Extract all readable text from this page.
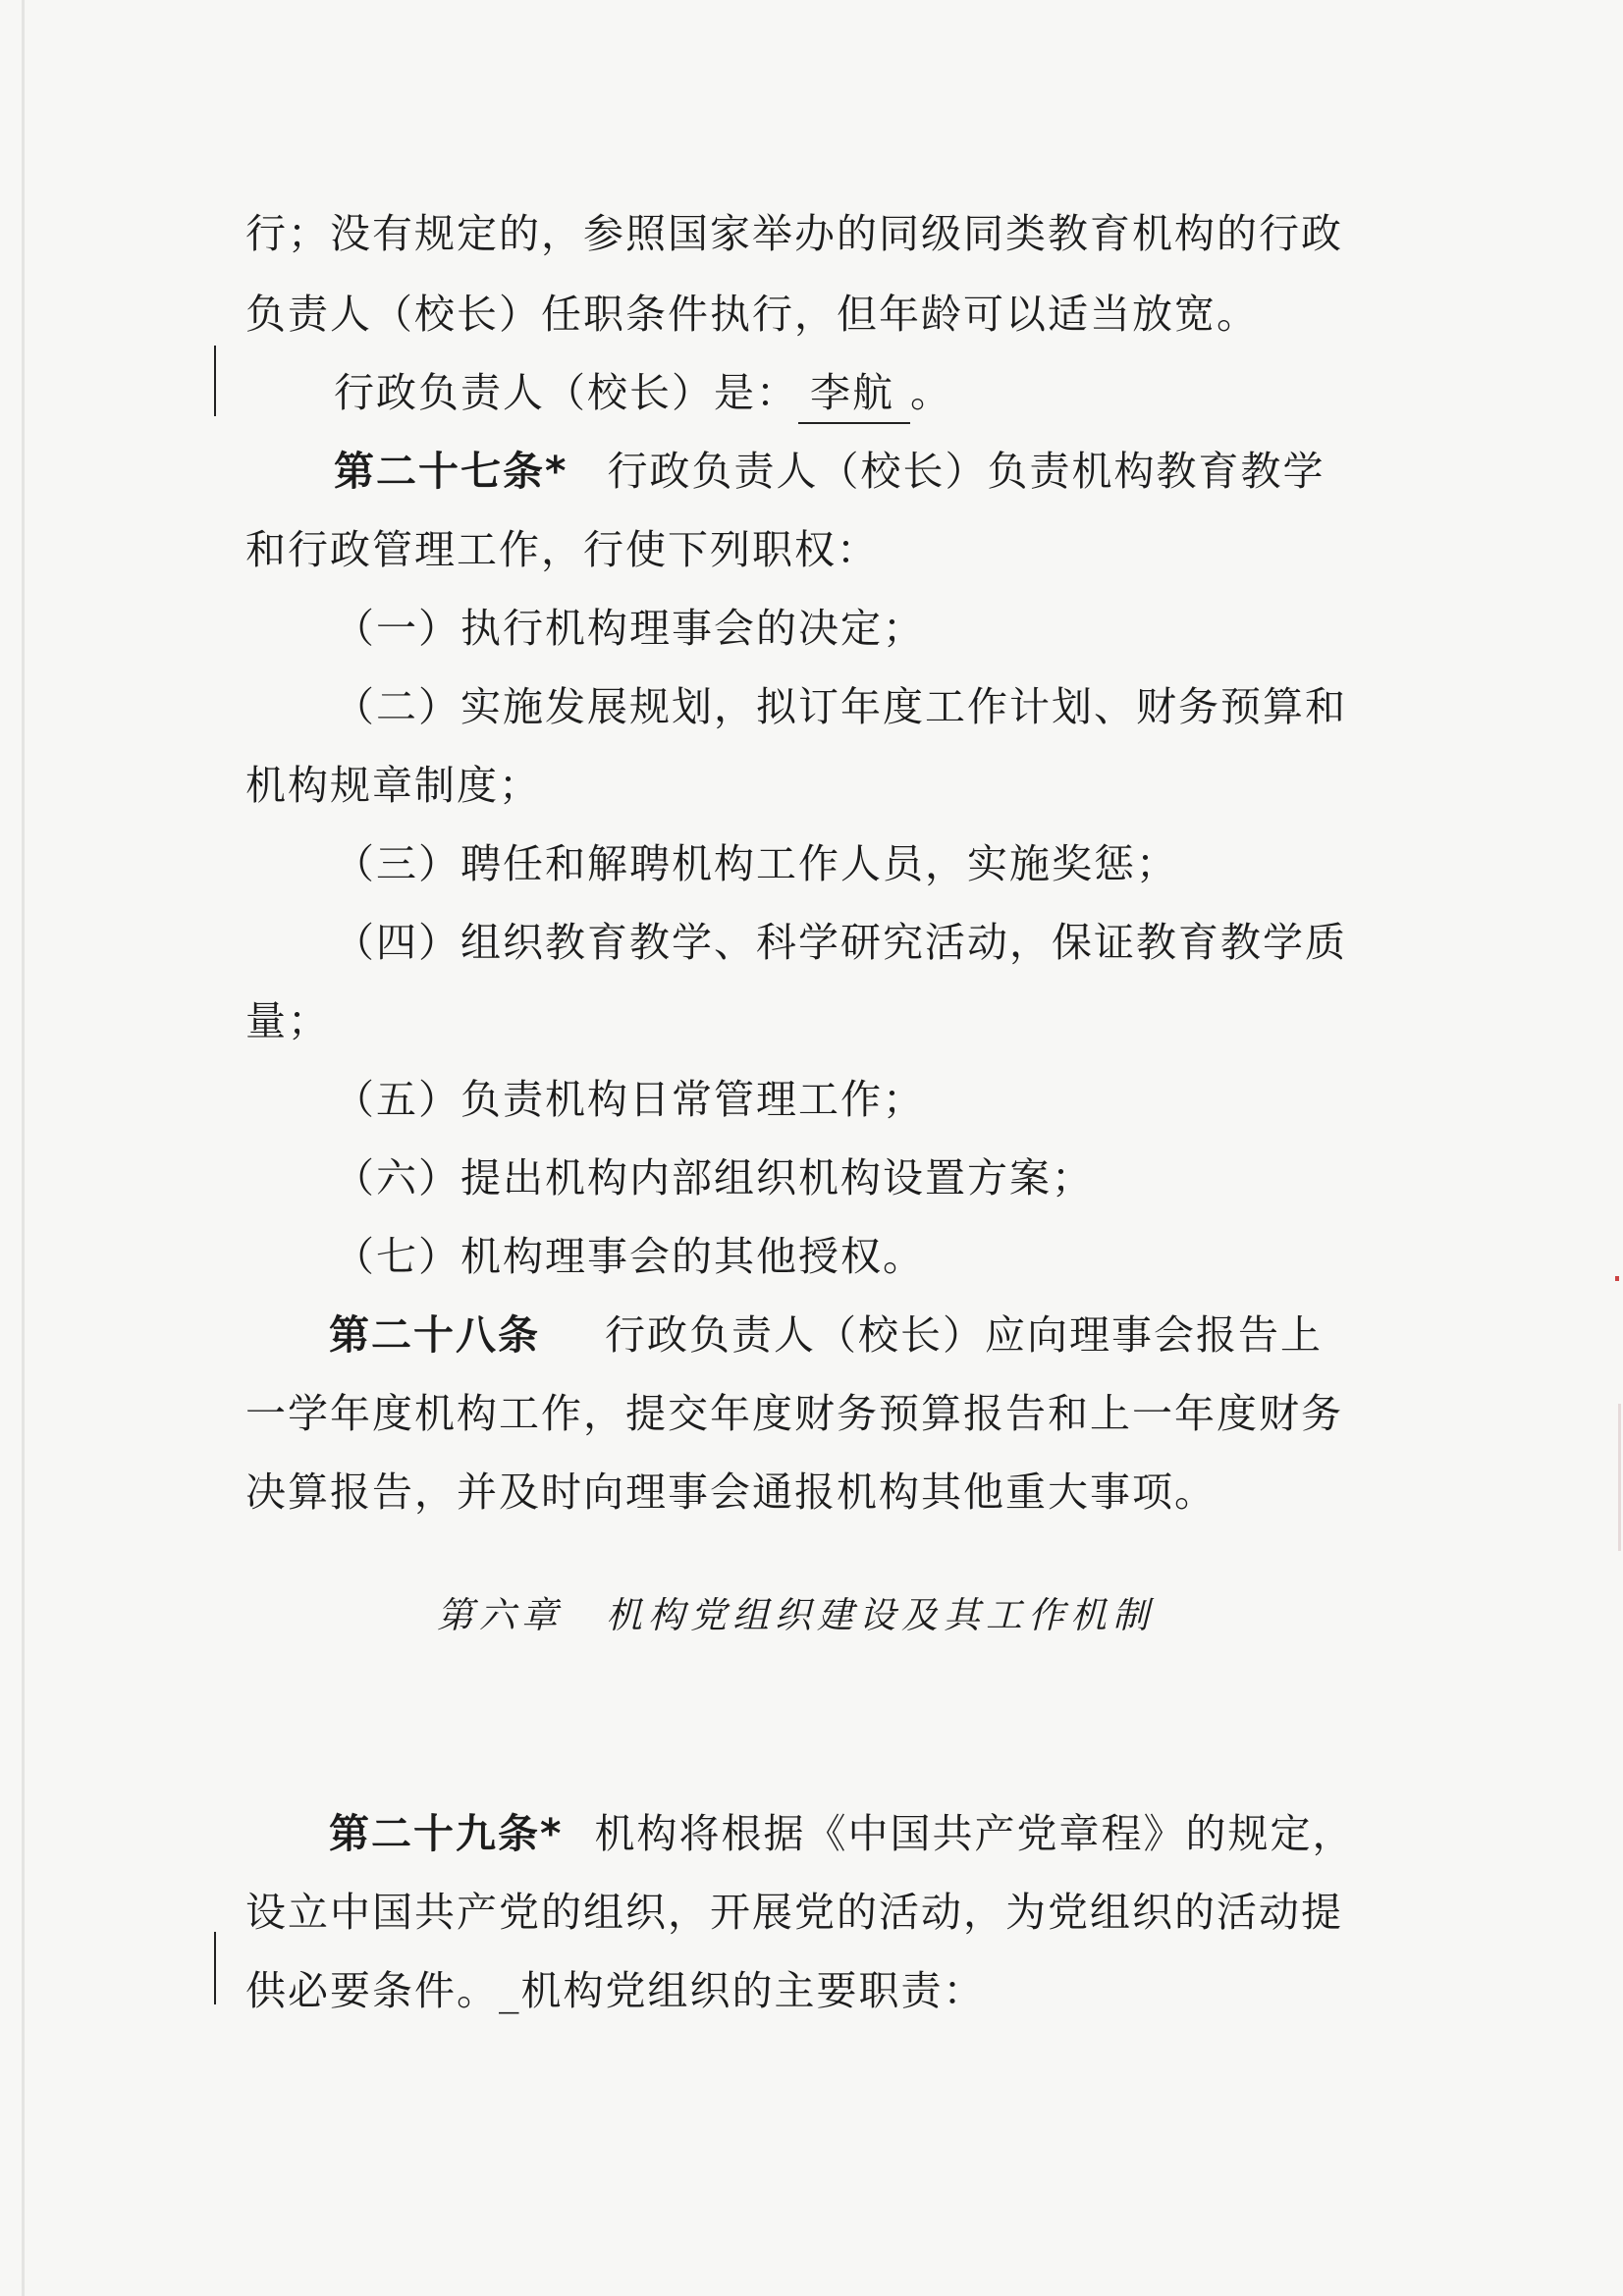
行；没有规定的，参照国家举办的同级同类教育机构的行政

负责人（校长）任职条件执行，但年龄可以适当放宽。

行政负责人（校长）是： 李航 。

第二十七条* 行政负责人（校长）负责机构教育教学

和行政管理工作，行使下列职权：

（一）执行机构理事会的决定；

（二）实施发展规划，拟订年度工作计划、财务预算和

机构规章制度；

（三）聘任和解聘机构工作人员，实施奖惩；

（四）组织教育教学、科学研究活动，保证教育教学质

量；

（五）负责机构日常管理工作；

（六）提出机构内部组织机构设置方案；

（七）机构理事会的其他授权。

第二十八条 行政负责人（校长）应向理事会报告上

一学年度机构工作，提交年度财务预算报告和上一年度财务

决算报告，并及时向理事会通报机构其他重大事项。

第六章　机构党组织建设及其工作机制

第二十九条* 机构将根据《中国共产党章程》的规定，

设立中国共产党的组织，开展党的活动，为党组织的活动提

供必要条件。_机构党组织的主要职责：
